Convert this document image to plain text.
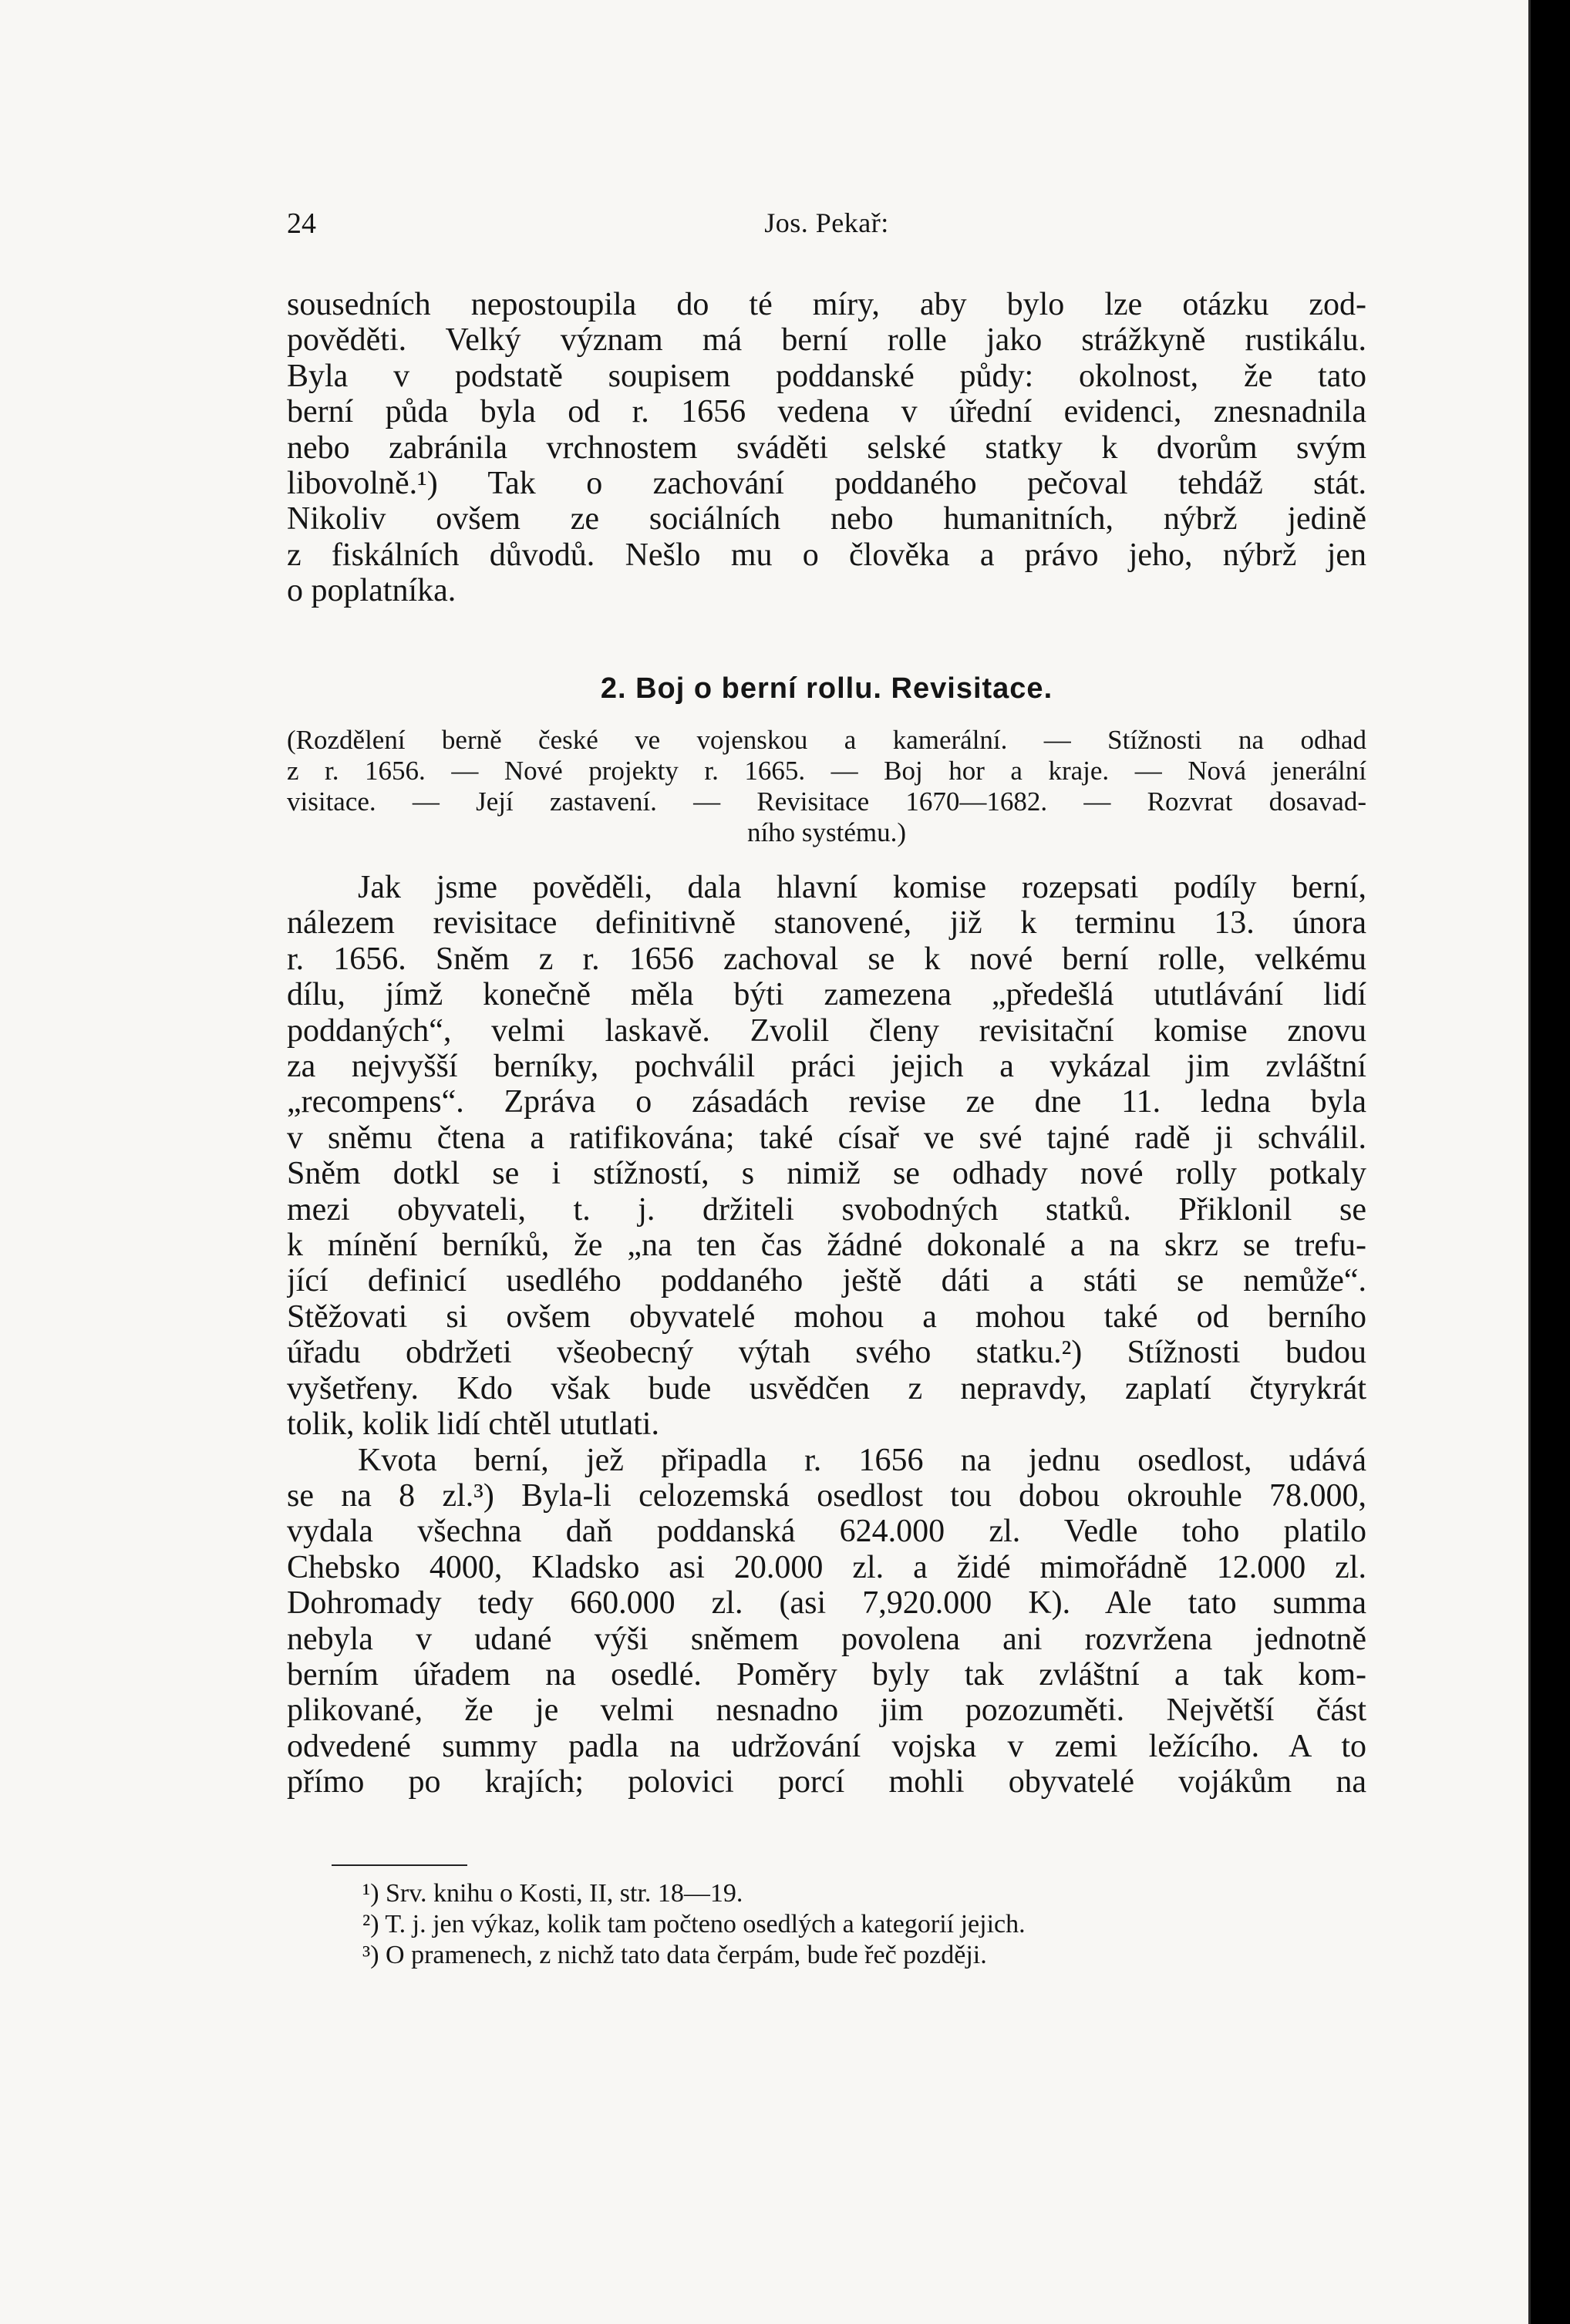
24	Jos. Pekař:
sousedních nepostoupila do té míry, aby bylo lze otázku zod-
pověděti. Velký význam má berní rolle jako strážkyně rustikálu.
Byla v podstatě soupisem poddanské půdy: okolnost, že tato
berní půda byla od r. 1656 vedena v úřední evidenci, znesnadnila
nebo zabránila vrchnostem sváděti selské statky k dvorům svým
libovolně.¹) Tak o zachování poddaného pečoval tehdáž stát.
Nikoliv ovšem ze sociálních nebo humanitních, nýbrž jedině
z fiskálních důvodů. Nešlo mu o člověka a právo jeho, nýbrž jen
o poplatníka.
2. Boj o berní rollu. Revisitace.
(Rozdělení berně české ve vojenskou a kamerální. — Stížnosti na odhad
z r. 1656. — Nové projekty r. 1665. — Boj hor a kraje. — Nová jenerální
visitace. — Její zastavení. — Revisitace 1670—1682. — Rozvrat dosavad-
ního systému.)
Jak jsme pověděli, dala hlavní komise rozepsati podíly berní,
nálezem revisitace definitivně stanovené, již k terminu 13. února
r. 1656. Sněm z r. 1656 zachoval se k nové berní rolle, velkému
dílu, jímž konečně měla býti zamezena „předešlá ututlávání lidí
poddaných“, velmi laskavě. Zvolil členy revisitační komise znovu
za nejvyšší berníky, pochválil práci jejich a vykázal jim zvláštní
„recompens“. Zpráva o zásadách revise ze dne 11. ledna byla
v sněmu čtena a ratifikována; také císař ve své tajné radě ji schválil.
Sněm dotkl se i stížností, s nimiž se odhady nové rolly potkaly
mezi obyvateli, t. j. držiteli svobodných statků. Přiklonil se
k mínění berníků, že „na ten čas žádné dokonalé a na skrz se trefu-
jící definicí usedlého poddaného ještě dáti a státi se nemůže“.
Stěžovati si ovšem obyvatelé mohou a mohou také od berního
úřadu obdržeti všeobecný výtah svého statku.²) Stížnosti budou
vyšetřeny. Kdo však bude usvědčen z nepravdy, zaplatí čtyrykrát
tolik, kolik lidí chtěl ututlati.
Kvota berní, jež připadla r. 1656 na jednu osedlost, udává
se na 8 zl.³) Byla-li celozemská osedlost tou dobou okrouhle 78.000,
vydala všechna daň poddanská 624.000 zl. Vedle toho platilo
Chebsko 4000, Kladsko asi 20.000 zl. a židé mimořádně 12.000 zl.
Dohromady tedy 660.000 zl. (asi 7,920.000 K). Ale tato summa
nebyla v udané výši sněmem povolena ani rozvržena jednotně
berním úřadem na osedlé. Poměry byly tak zvláštní a tak kom-
plikované, že je velmi nesnadno jim pozozuměti. Největší část
odvedené summy padla na udržování vojska v zemi ležícího. A to
přímo po krajích; polovici porcí mohli obyvatelé vojákům na
¹) Srv. knihu o Kosti, II, str. 18—19.
²) T. j. jen výkaz, kolik tam počteno osedlých a kategorií jejich.
³) O pramenech, z nichž tato data čerpám, bude řeč později.
